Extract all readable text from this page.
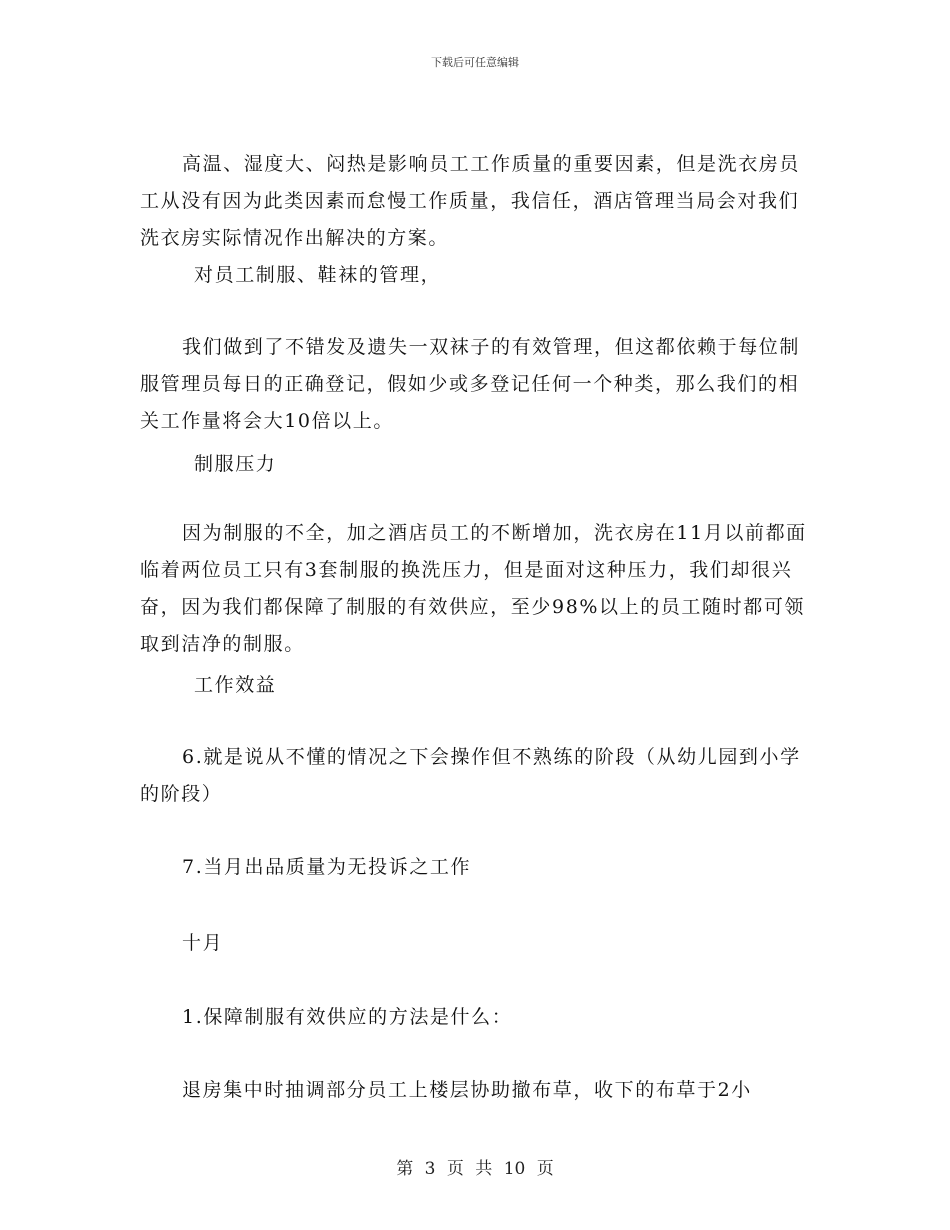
下载后可任意编辑

高温、湿度大、闷热是影响员工工作质量的重要因素，但是洗衣房员工从没有因为此类因素而怠慢工作质量，我信任，酒店管理当局会对我们洗衣房实际情况作出解决的方案。

对员工制服、鞋袜的管理，

我们做到了不错发及遗失一双袜子的有效管理，但这都依赖于每位制服管理员每日的正确登记，假如少或多登记任何一个种类，那么我们的相关工作量将会大10倍以上。

制服压力

因为制服的不全，加之酒店员工的不断增加，洗衣房在11月以前都面临着两位员工只有3套制服的换洗压力，但是面对这种压力，我们却很兴奋，因为我们都保障了制服的有效供应，至少98%以上的员工随时都可领取到洁净的制服。

工作效益

6.就是说从不懂的情况之下会操作但不熟练的阶段（从幼儿园到小学的阶段）

7.当月出品质量为无投诉之工作

十月

1.保障制服有效供应的方法是什么：

退房集中时抽调部分员工上楼层协助撤布草，收下的布草于2小

第 3 页 共 10 页
